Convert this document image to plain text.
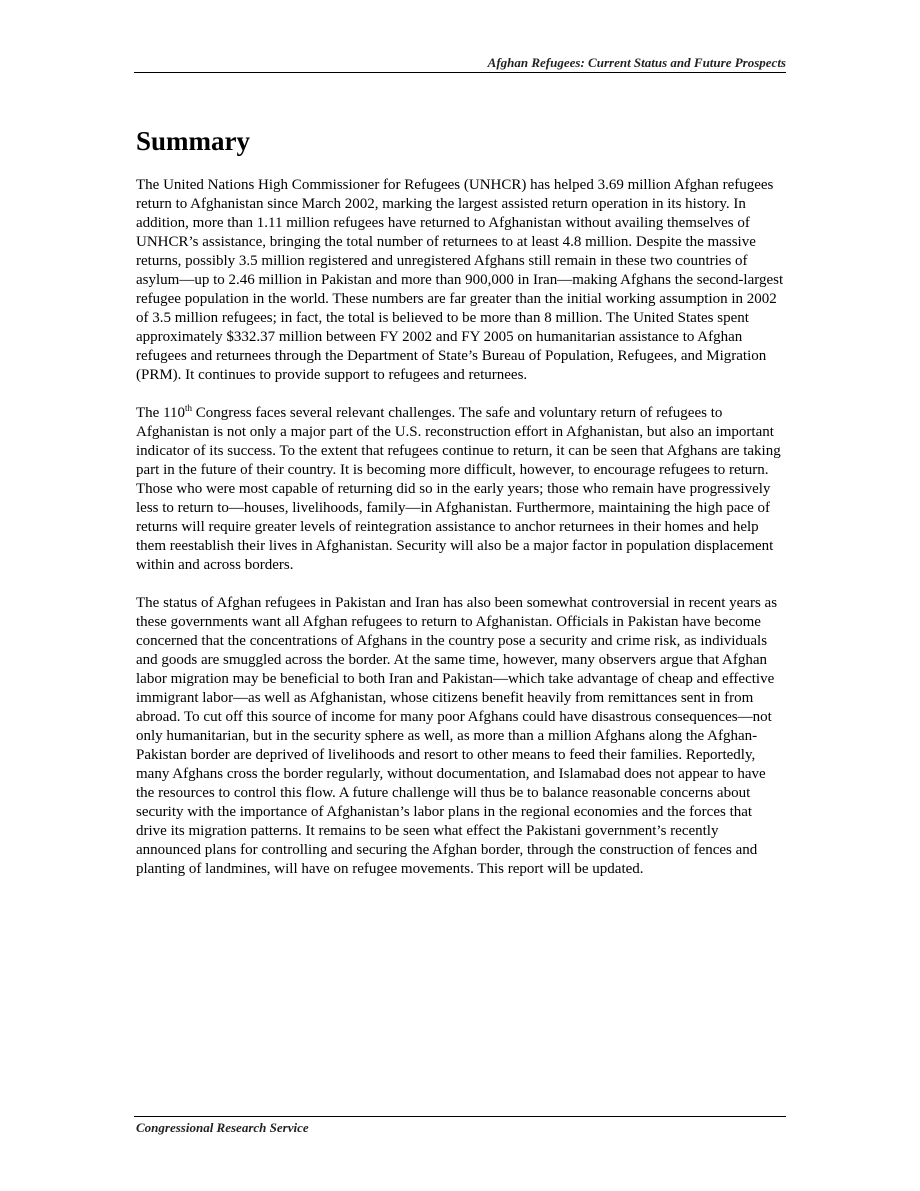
Afghan Refugees: Current Status and Future Prospects
Summary

The United Nations High Commissioner for Refugees (UNHCR) has helped 3.69 million Afghan refugees return to Afghanistan since March 2002, marking the largest assisted return operation in its history. In addition, more than 1.11 million refugees have returned to Afghanistan without availing themselves of UNHCR’s assistance, bringing the total number of returnees to at least 4.8 million. Despite the massive returns, possibly 3.5 million registered and unregistered Afghans still remain in these two countries of asylum—up to 2.46 million in Pakistan and more than 900,000 in Iran—making Afghans the second-largest refugee population in the world. These numbers are far greater than the initial working assumption in 2002 of 3.5 million refugees; in fact, the total is believed to be more than 8 million. The United States spent approximately $332.37 million between FY 2002 and FY 2005 on humanitarian assistance to Afghan refugees and returnees through the Department of State’s Bureau of Population, Refugees, and Migration (PRM). It continues to provide support to refugees and returnees.

The 110th Congress faces several relevant challenges. The safe and voluntary return of refugees to Afghanistan is not only a major part of the U.S. reconstruction effort in Afghanistan, but also an important indicator of its success. To the extent that refugees continue to return, it can be seen that Afghans are taking part in the future of their country. It is becoming more difficult, however, to encourage refugees to return. Those who were most capable of returning did so in the early years; those who remain have progressively less to return to—houses, livelihoods, family—in Afghanistan. Furthermore, maintaining the high pace of returns will require greater levels of reintegration assistance to anchor returnees in their homes and help them reestablish their lives in Afghanistan. Security will also be a major factor in population displacement within and across borders.

The status of Afghan refugees in Pakistan and Iran has also been somewhat controversial in recent years as these governments want all Afghan refugees to return to Afghanistan. Officials in Pakistan have become concerned that the concentrations of Afghans in the country pose a security and crime risk, as individuals and goods are smuggled across the border. At the same time, however, many observers argue that Afghan labor migration may be beneficial to both Iran and Pakistan—which take advantage of cheap and effective immigrant labor—as well as Afghanistan, whose citizens benefit heavily from remittances sent in from abroad. To cut off this source of income for many poor Afghans could have disastrous consequences—not only humanitarian, but in the security sphere as well, as more than a million Afghans along the Afghan-Pakistan border are deprived of livelihoods and resort to other means to feed their families. Reportedly, many Afghans cross the border regularly, without documentation, and Islamabad does not appear to have the resources to control this flow. A future challenge will thus be to balance reasonable concerns about security with the importance of Afghanistan’s labor plans in the regional economies and the forces that drive its migration patterns. It remains to be seen what effect the Pakistani government’s recently announced plans for controlling and securing the Afghan border, through the construction of fences and planting of landmines, will have on refugee movements. This report will be updated.

Congressional Research Service
